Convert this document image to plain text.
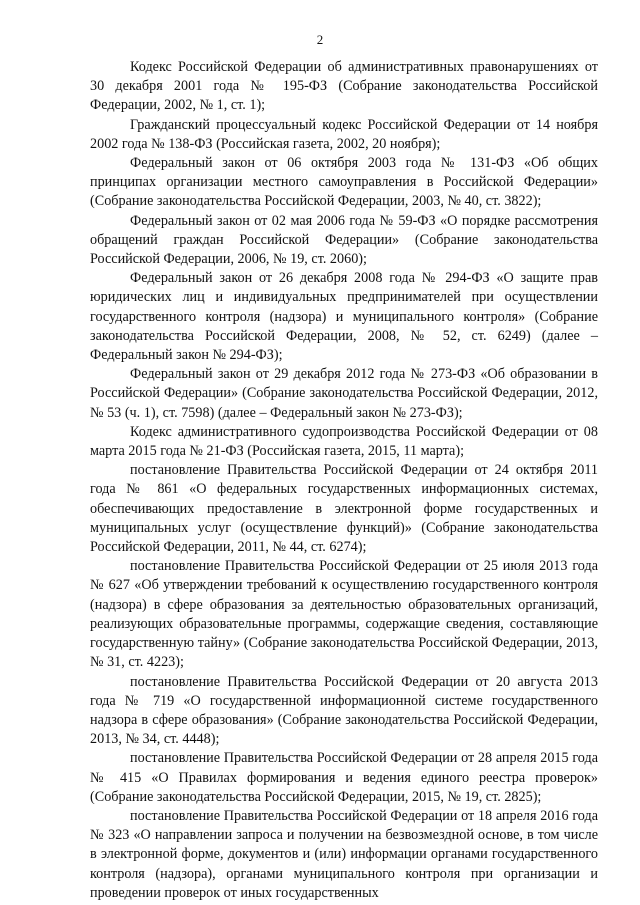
2

Кодекс Российской Федерации об административных правонарушениях от 30 декабря 2001 года № 195-ФЗ (Собрание законодательства Российской Федерации, 2002, № 1, ст. 1);

Гражданский процессуальный кодекс Российской Федерации от 14 ноября 2002 года № 138-ФЗ (Российская газета, 2002, 20 ноября);

Федеральный закон от 06 октября 2003 года № 131-ФЗ «Об общих принципах организации местного самоуправления в Российской Федерации» (Собрание законодательства Российской Федерации, 2003, № 40, ст. 3822);

Федеральный закон от 02 мая 2006 года № 59-ФЗ «О порядке рассмотрения обращений граждан Российской Федерации» (Собрание законодательства Российской Федерации, 2006, № 19, ст. 2060);

Федеральный закон от 26 декабря 2008 года № 294-ФЗ «О защите прав юридических лиц и индивидуальных предпринимателей при осуществлении государственного контроля (надзора) и муниципального контроля» (Собрание законодательства Российской Федерации, 2008, № 52, ст. 6249) (далее – Федеральный закон № 294-ФЗ);

Федеральный закон от 29 декабря 2012 года № 273-ФЗ «Об образовании в Российской Федерации» (Собрание законодательства Российской Федерации, 2012, № 53 (ч. 1), ст. 7598) (далее – Федеральный закон № 273-ФЗ);

Кодекс административного судопроизводства Российской Федерации от 08 марта 2015 года № 21-ФЗ (Российская газета, 2015, 11 марта);

постановление Правительства Российской Федерации от 24 октября 2011 года № 861 «О федеральных государственных информационных системах, обеспечивающих предоставление в электронной форме государственных и муниципальных услуг (осуществление функций)» (Собрание законодательства Российской Федерации, 2011, № 44, ст. 6274);

постановление Правительства Российской Федерации от 25 июля 2013 года № 627 «Об утверждении требований к осуществлению государственного контроля (надзора) в сфере образования за деятельностью образовательных организаций, реализующих образовательные программы, содержащие сведения, составляющие государственную тайну» (Собрание законодательства Российской Федерации, 2013, № 31, ст. 4223);

постановление Правительства Российской Федерации от 20 августа 2013 года № 719 «О государственной информационной системе государственного надзора в сфере образования» (Собрание законодательства Российской Федерации, 2013, № 34, ст. 4448);

постановление Правительства Российской Федерации от 28 апреля 2015 года № 415 «О Правилах формирования и ведения единого реестра проверок» (Собрание законодательства Российской Федерации, 2015, № 19, ст. 2825);

постановление Правительства Российской Федерации от 18 апреля 2016 года № 323 «О направлении запроса и получении на безвозмездной основе, в том числе в электронной форме, документов и (или) информации органами государственного контроля (надзора), органами муниципального контроля при организации и проведении проверок от иных государственных
